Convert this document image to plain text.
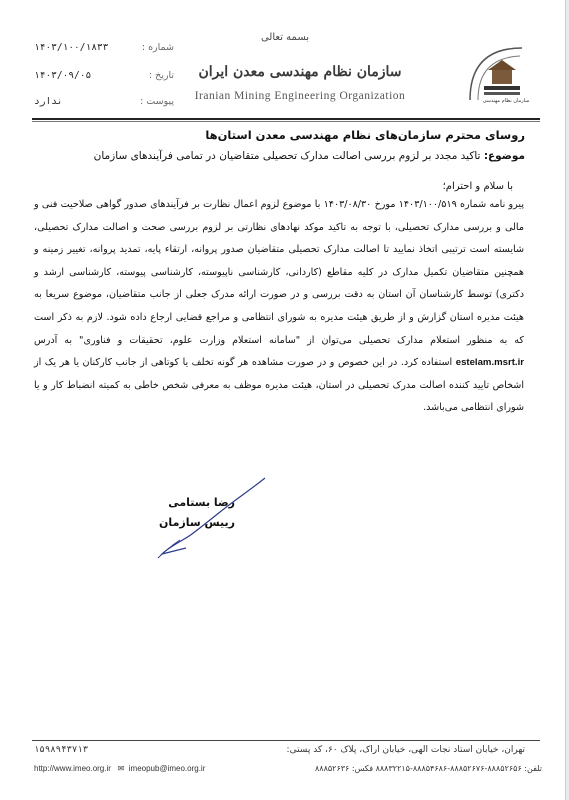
بسمه تعالی
سازمان نظام مهندسی
سازمان نظام مهندسی معدن ایران
Iranian Mining Engineering Organization
شماره :
۱۴۰۳/۱۰۰/۱۸۳۳
تاریخ :
۱۴۰۳/۰۹/۰۵
پیوست :
ندارد
روسای محترم سازمان‌های نظام مهندسی معدن استان‌ها
موضوع: تاکید مجدد بر لزوم بررسی اصالت مدارک تحصیلی متقاضیان در تمامی فرآیندهای سازمان
با سلام و احترام؛
پیرو نامه شماره ۱۴۰۳/۱۰۰/۵۱۹ مورخ ۱۴۰۳/۰۸/۳۰ با موضوع لزوم اعمال نظارت بر فرآیندهای صدور گواهی صلاحیت فنی و مالی و بررسی مدارک تحصیلی، با توجه به تاکید موکد نهادهای نظارتی بر لزوم بررسی صحت و اصالت مدارک تحصیلی، شایسته است ترتیبی اتخاذ نمایید تا اصالت مدارک تحصیلی متقاضیان صدور پروانه، ارتقاء پایه، تمدید پروانه، تغییر زمینه و همچنین متقاضیان تکمیل مدارک در کلیه مقاطع (کاردانی، کارشناسی ناپیوسته، کارشناسی پیوسته، کارشناسی ارشد و دکتری) توسط کارشناسان آن استان به دقت بررسی و در صورت ارائه مدرک جعلی از جانب متقاضیان، موضوع سریعا به هیئت مدیره استان گزارش و از طریق هیئت مدیره به شورای انتظامی و مراجع قضایی ارجاع داده شود. لازم به ذکر است که به منظور استعلام مدارک تحصیلی می‌توان از "سامانه استعلام وزارت علوم، تحقیقات و فناوری" به آدرس estelam.msrt.ir استفاده کرد. در این خصوص و در صورت مشاهده هر گونه تخلف یا کوتاهی از جانب کارکنان یا هر یک از اشخاص تایید کننده اصالت مدرک تحصیلی در استان، هیئت مدیره موظف به معرفی شخص خاطی به کمیته انضباط کار و یا شورای انتظامی می‌باشد.
رضا بستامی
رییس سازمان
تهران، خیابان استاد نجات الهی، خیابان اراک، پلاک ۶۰، کد پستی:
۱۵۹۸۹۴۳۷۱۳
تلفن: ۸۸۸۵۲۶۵۶-۸۸۸۵۲۶۷۶-۸۸۸۵۴۶۸۶-۸۸۸۳۲۲۱۵ فکس: ۸۸۸۵۲۶۳۶
http://www.imeo.org.ir   ✉  imeopub@imeo.org.ir
